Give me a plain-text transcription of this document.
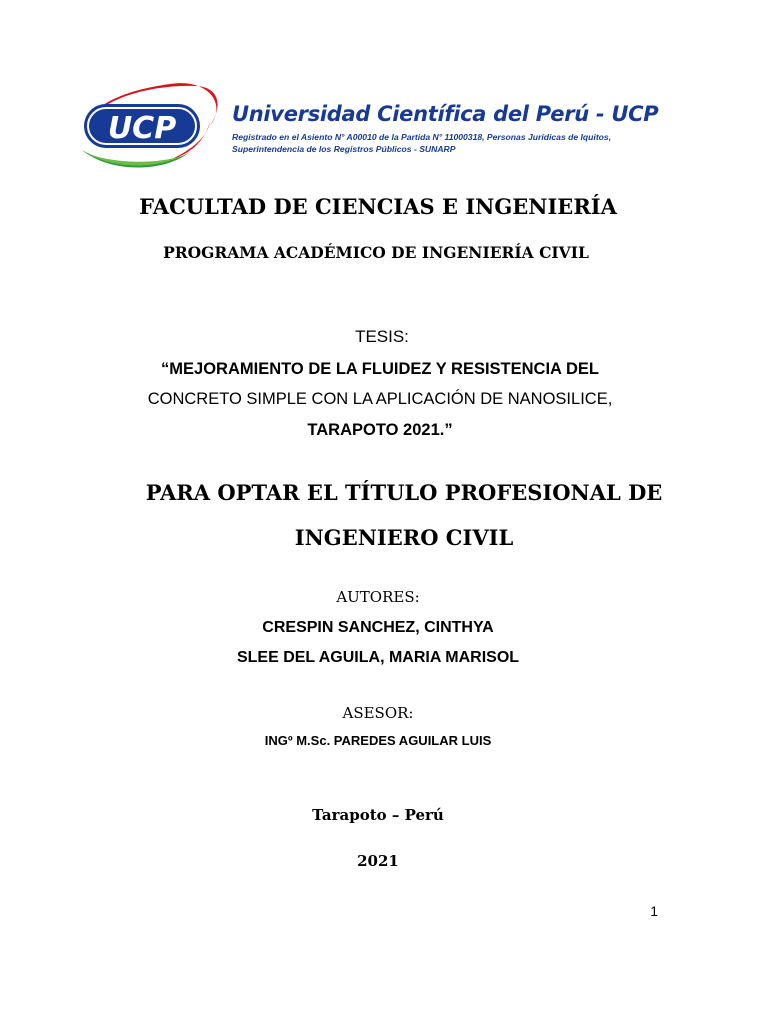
UCP	Universidad Científica del Perú - UCP
Registrado en el Asiento N° A00010 de la Partida N° 11000318, Personas Jurídicas de Iquitos,
Superintendencia de los Registros Públicos - SUNARP
FACULTAD DE CIENCIAS E INGENIERÍA
PROGRAMA ACADÉMICO DE INGENIERÍA CIVIL
TESIS:
“MEJORAMIENTO DE LA FLUIDEZ Y RESISTENCIA DEL
CONCRETO SIMPLE CON LA APLICACIÓN DE NANOSILICE,
TARAPOTO 2021.”
PARA OPTAR EL TÍTULO PROFESIONAL DE
INGENIERO CIVIL
AUTORES:
CRESPIN SANCHEZ, CINTHYA
SLEE DEL AGUILA, MARIA MARISOL
ASESOR:
INGº M.Sc. PAREDES AGUILAR LUIS
Tarapoto – Perú
2021
1
